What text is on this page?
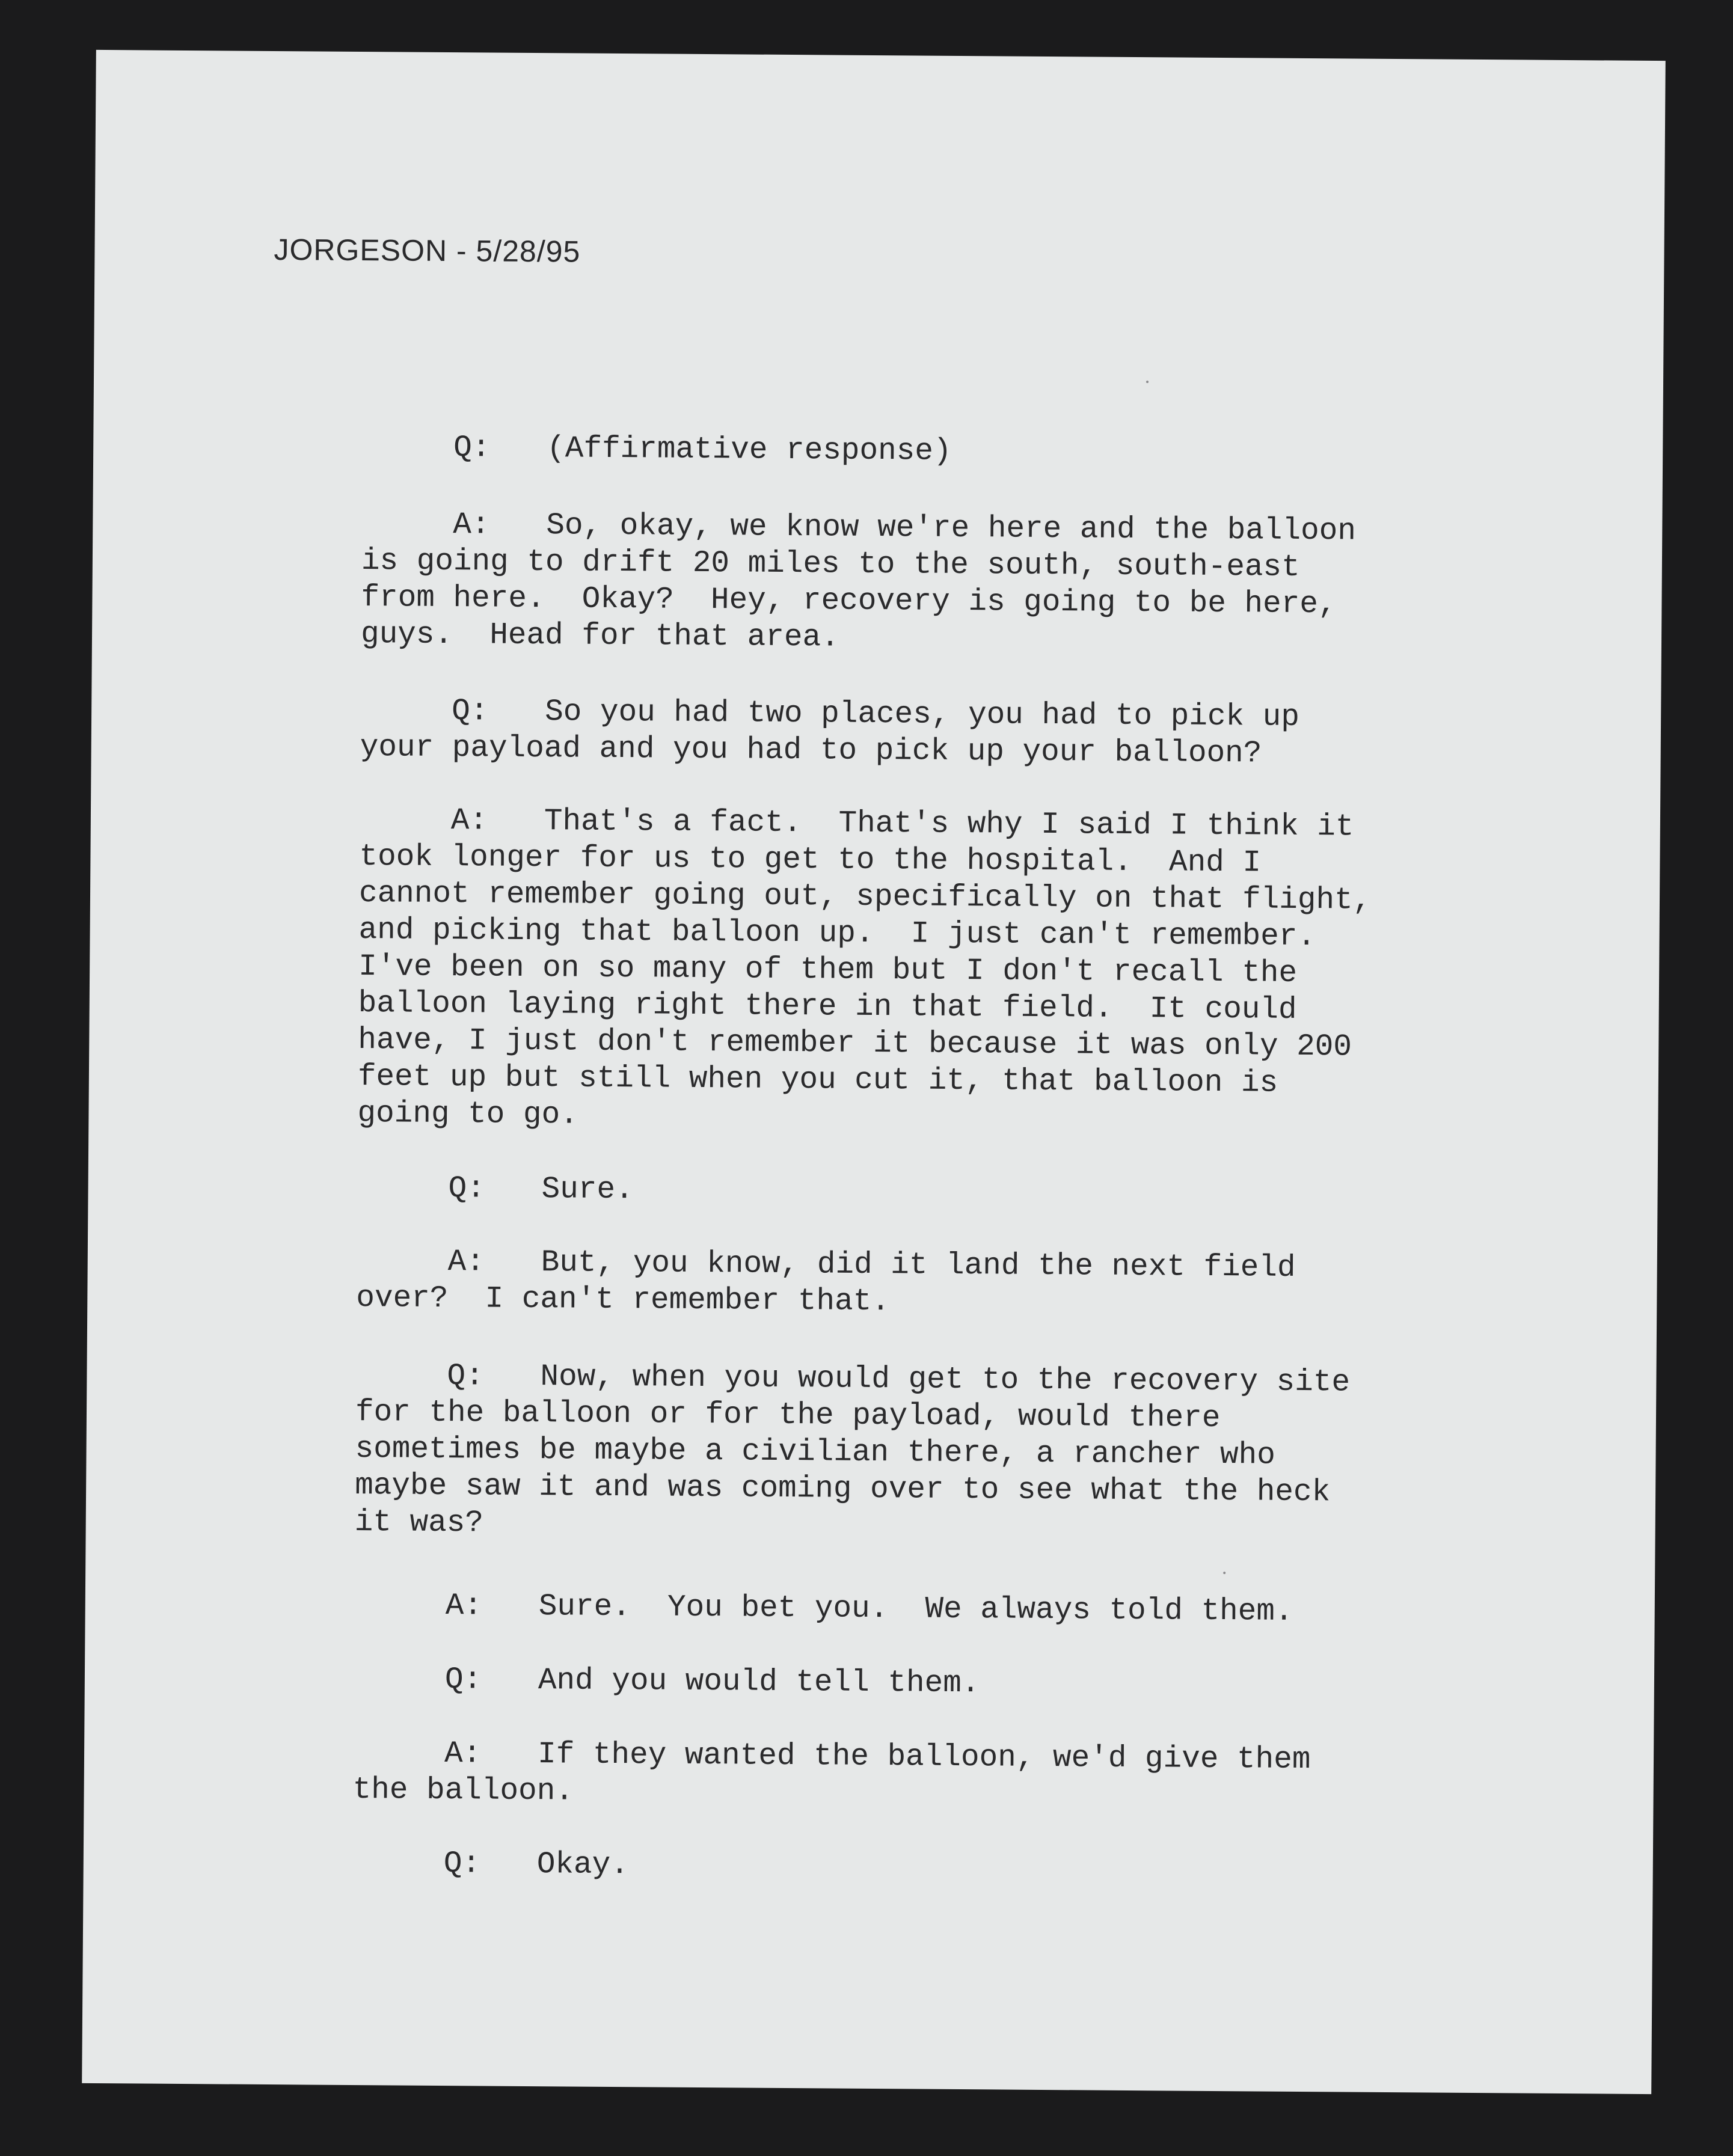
JORGESON - 5/28/95
Q: (Affirmative response)
A: So, okay, we know we're here and the balloon
is going to drift 20 miles to the south, south-east
from here.  Okay?  Hey, recovery is going to be here,
guys.  Head for that area.
Q: So you had two places, you had to pick up
your payload and you had to pick up your balloon?
A: That's a fact.  That's why I said I think it
took longer for us to get to the hospital.  And I
cannot remember going out, specifically on that flight,
and picking that balloon up.  I just can't remember.
I've been on so many of them but I don't recall the
balloon laying right there in that field.  It could
have, I just don't remember it because it was only 200
feet up but still when you cut it, that balloon is
going to go.
Q: Sure.
A: But, you know, did it land the next field
over?  I can't remember that.
Q: Now, when you would get to the recovery site
for the balloon or for the payload, would there
sometimes be maybe a civilian there, a rancher who
maybe saw it and was coming over to see what the heck
it was?
A: Sure.  You bet you.  We always told them.
Q: And you would tell them.
A: If they wanted the balloon, we'd give them
the balloon.
Q: Okay.
